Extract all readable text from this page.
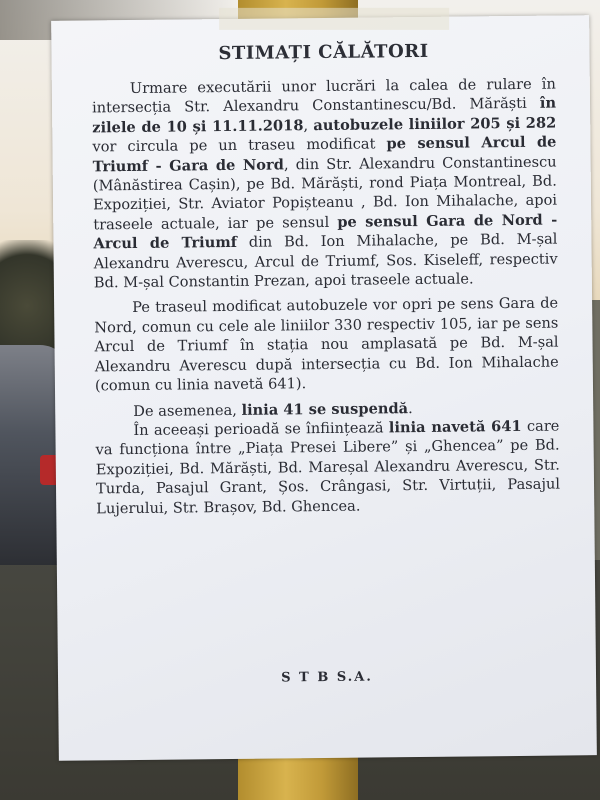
STIMAȚI CĂLĂTORI

Urmare executării unor lucrări la calea de rulare în intersecția Str. Alexandru Constantinescu/Bd. Mărăști în zilele de 10 și 11.11.2018, autobuzele liniilor 205 și 282 vor circula pe un traseu modificat pe sensul Arcul de Triumf - Gara de Nord, din Str. Alexandru Constantinescu (Mânăstirea Cașin), pe Bd. Mărăști, rond Piața Montreal, Bd. Expoziției, Str. Aviator Popișteanu , Bd. Ion Mihalache, apoi traseele actuale, iar pe sensul pe sensul Gara de Nord - Arcul de Triumf din Bd. Ion Mihalache, pe Bd. M-șal Alexandru Averescu, Arcul de Triumf, Sos. Kiseleff, respectiv Bd. M-șal Constantin Prezan, apoi traseele actuale.

Pe traseul modificat autobuzele vor opri pe sens Gara de Nord, comun cu cele ale liniilor 330 respectiv 105, iar pe sens Arcul de Triumf în stația nou amplasată pe Bd. M-șal Alexandru Averescu după intersecția cu Bd. Ion Mihalache (comun cu linia navetă 641).

De asemenea, linia 41 se suspendă.

În aceeași perioadă se înființează linia navetă 641 care va funcționa între „Piața Presei Libere” și „Ghencea” pe Bd. Expoziției, Bd. Mărăști, Bd. Mareșal Alexandru Averescu, Str. Turda, Pasajul Grant, Șos. Crângasi, Str. Virtuții, Pasajul Lujerului, Str. Brașov, Bd. Ghencea.

S T B S.A.
